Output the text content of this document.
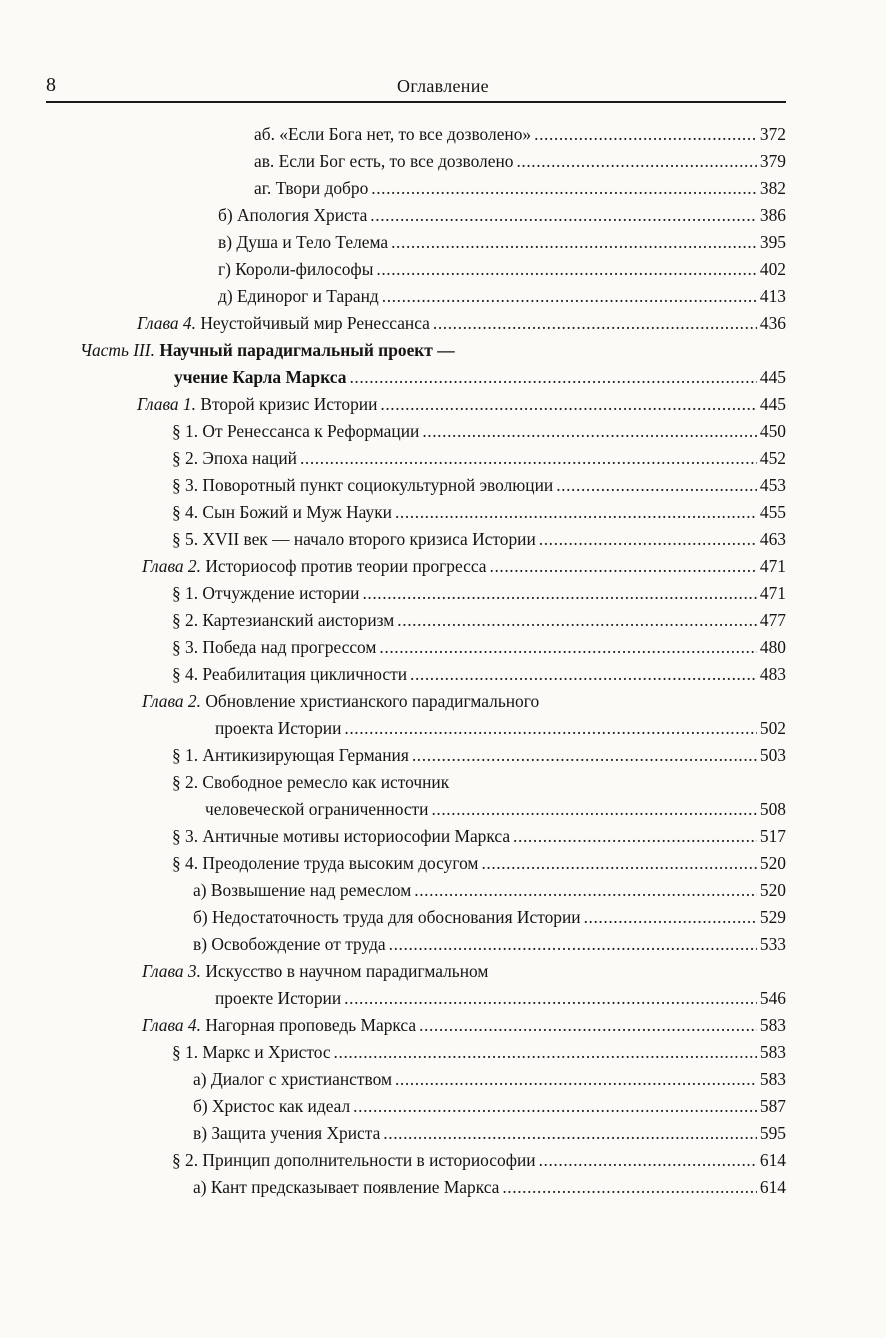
8	Оглавление
аб. «Если Бога нет, то все дозволено» .....	372
ав. Если Бог есть, то все дозволено .....	379
аг. Твори добро .....	382
б) Апология Христа .....	386
в) Душа и Тело Телема .....	395
г) Короли-философы .....	402
д) Единорог и Таранд .....	413
Глава 4. Неустойчивый мир Ренессанса .....	436
Часть III. Научный парадигмальный проект —
учение Карла Маркса .....	445
Глава 1. Второй кризис Истории .....	445
§ 1. От Ренессанса к Реформации .....	450
§ 2. Эпоха наций .....	452
§ 3. Поворотный пункт социокультурной эволюции .....	453
§ 4. Сын Божий и Муж Науки .....	455
§ 5. XVII век — начало второго кризиса Истории .....	463
Глава 2. Историософ против теории прогресса .....	471
§ 1. Отчуждение истории .....	471
§ 2. Картезианский аисторизм .....	477
§ 3. Победа над прогрессом .....	480
§ 4. Реабилитация цикличности .....	483
Глава 2. Обновление христианского парадигмального
проекта Истории .....	502
§ 1. Антикизирующая Германия .....	503
§ 2. Свободное ремесло как источник
человеческой ограниченности .....	508
§ 3. Античные мотивы историософии Маркса .....	517
§ 4. Преодоление труда высоким досугом .....	520
а) Возвышение над ремеслом .....	520
б) Недостаточность труда для обоснования Истории .....	529
в) Освобождение от труда .....	533
Глава 3. Искусство в научном парадигмальном
проекте Истории .....	546
Глава 4. Нагорная проповедь Маркса .....	583
§ 1. Маркс и Христос .....	583
а) Диалог с христианством .....	583
б) Христос как идеал .....	587
в) Защита учения Христа .....	595
§ 2. Принцип дополнительности в историософии .....	614
а) Кант предсказывает появление Маркса .....	614
